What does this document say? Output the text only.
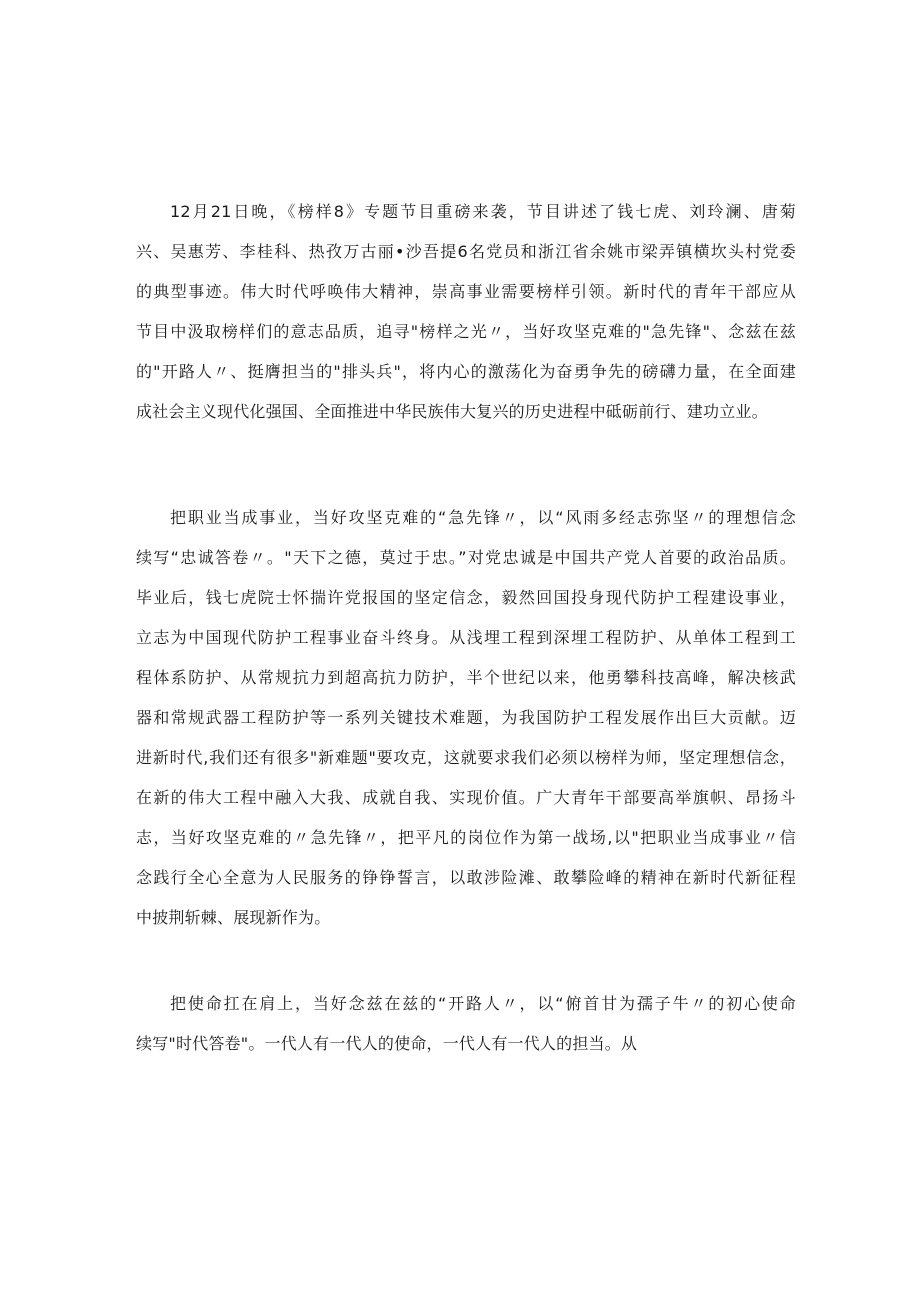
12月21日晚，《榜样8》专题节目重磅来袭，节目讲述了钱七虎、刘玲澜、唐菊
兴、吴惠芳、李桂科、热孜万古丽•沙吾提6名党员和浙江省余姚市梁弄镇横坎头村党委
的典型事迹。伟大时代呼唤伟大精神，崇高事业需要榜样引领。新时代的青年干部应从
节目中汲取榜样们的意志品质，追寻"榜样之光〃，当好攻坚克难的"急先锋"、念兹在兹
的"开路人〃、挺膺担当的"排头兵"，将内心的激荡化为奋勇争先的磅礴力量，在全面建
成社会主义现代化强国、全面推进中华民族伟大复兴的历史进程中砥砺前行、建功立业。

把职业当成事业，当好攻坚克难的“急先锋〃，以“风雨多经志弥坚〃的理想信念
续写“忠诚答卷〃。"天下之德，莫过于忠。”对党忠诚是中国共产党人首要的政治品质。
毕业后，钱七虎院士怀揣许党报国的坚定信念，毅然回国投身现代防护工程建设事业，
立志为中国现代防护工程事业奋斗终身。从浅埋工程到深埋工程防护、从单体工程到工
程体系防护、从常规抗力到超高抗力防护，半个世纪以来，他勇攀科技高峰，解决核武
器和常规武器工程防护等一系列关键技术难题，为我国防护工程发展作出巨大贡献。迈
进新时代,我们还有很多"新难题"要攻克，这就要求我们必须以榜样为师，坚定理想信念，
在新的伟大工程中融入大我、成就自我、实现价值。广大青年干部要高举旗帜、昂扬斗
志，当好攻坚克难的〃急先锋〃，把平凡的岗位作为第一战场,以"把职业当成事业〃信
念践行全心全意为人民服务的铮铮誓言，以敢涉险滩、敢攀险峰的精神在新时代新征程
中披荆斩棘、展现新作为。

把使命扛在肩上，当好念兹在兹的“开路人〃，以“俯首甘为孺子牛〃的初心使命
续写"时代答卷"。一代人有一代人的使命，一代人有一代人的担当。从
